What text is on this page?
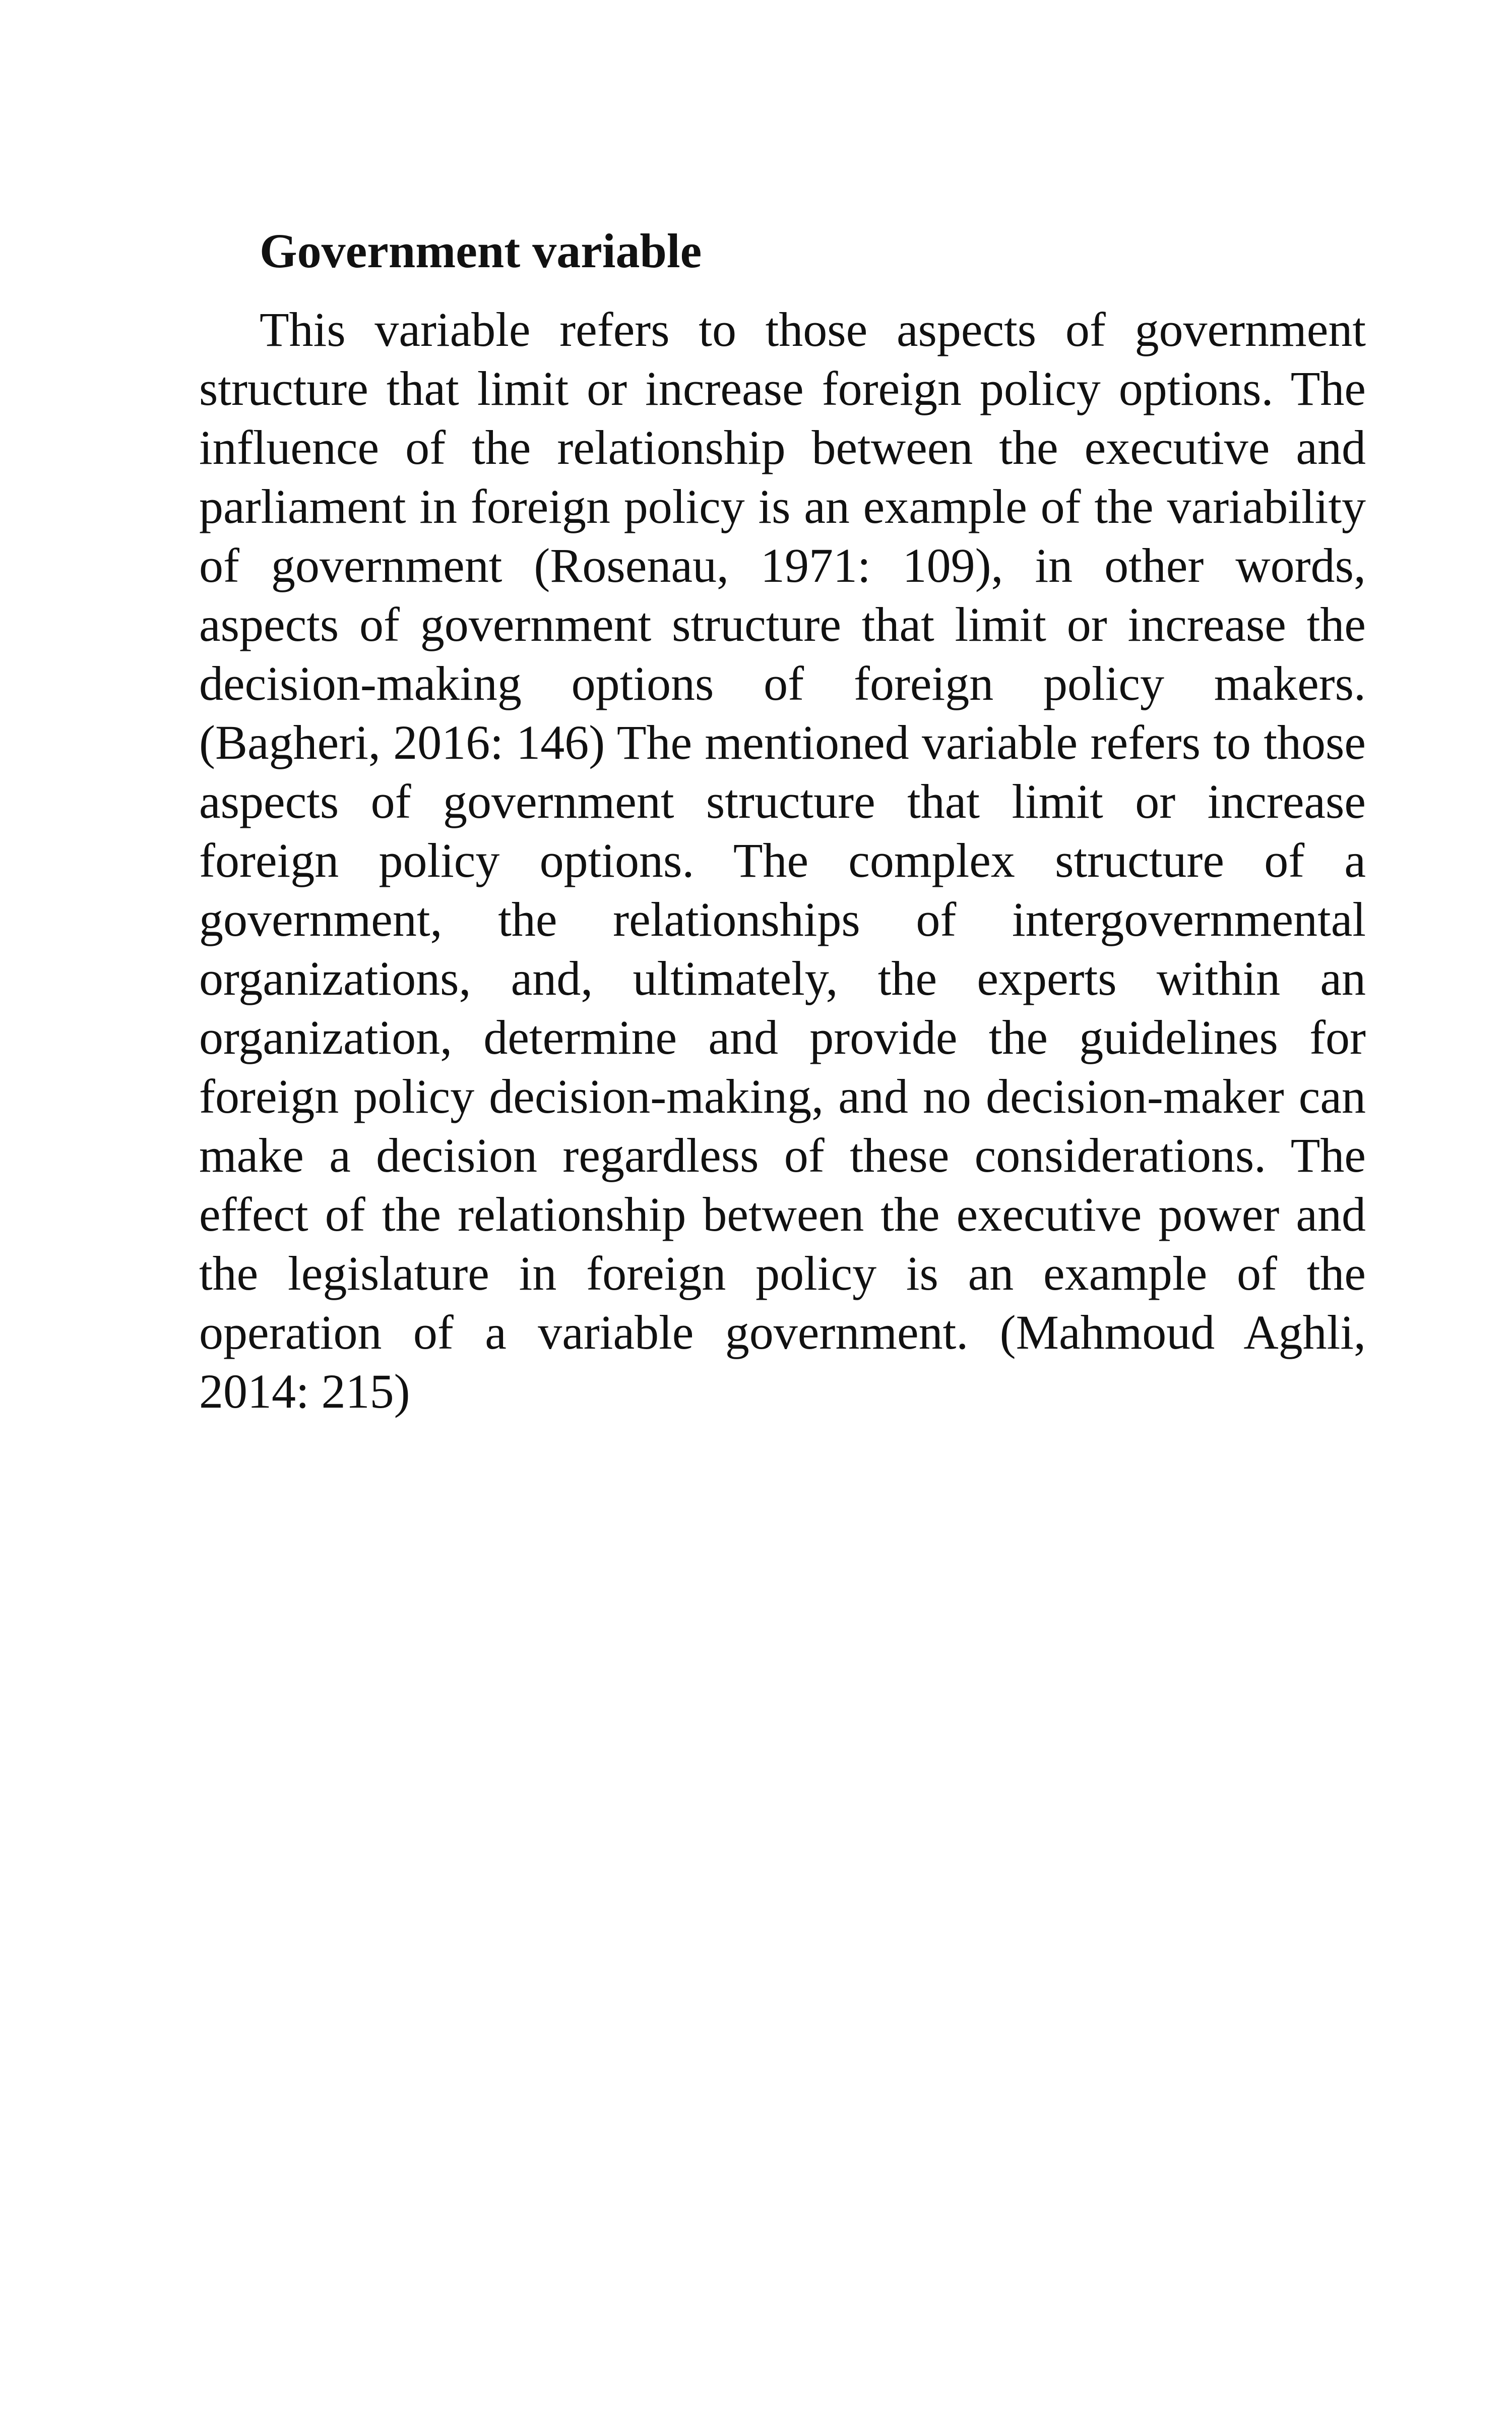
Government variable

This variable refers to those aspects of government structure that limit or increase foreign policy options. The influence of the relationship between the executive and parliament in foreign policy is an example of the variability of government (Rosenau, 1971: 109), in other words, aspects of government structure that limit or increase the decision-making options of foreign policy makers. (Bagheri, 2016: 146) The mentioned variable refers to those aspects of government structure that limit or increase foreign policy options. The complex structure of a government, the relationships of intergovernmental organizations, and, ultimately, the experts within an organization, determine and provide the guidelines for foreign policy decision-making, and no decision-maker can make a decision regardless of these considerations. The effect of the relationship between the executive power and the legislature in foreign policy is an example of the operation of a variable government. (Mahmoud Aghli, 2014: 215)
